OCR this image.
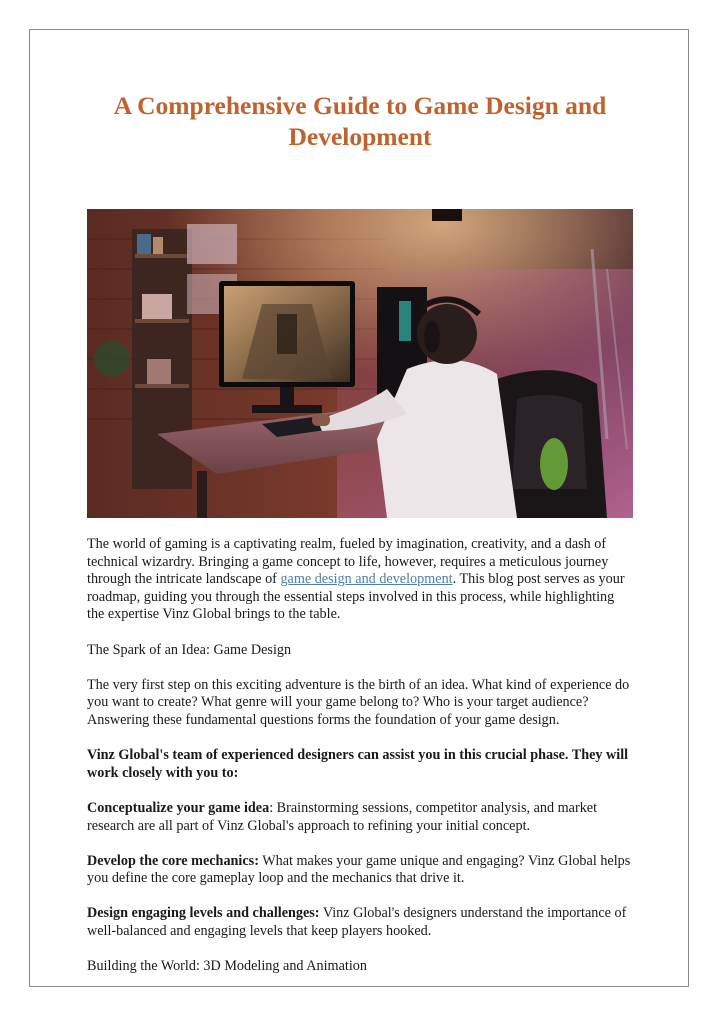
A Comprehensive Guide to Game Design and Development

The world of gaming is a captivating realm, fueled by imagination, creativity, and a dash of technical wizardry. Bringing a game concept to life, however, requires a meticulous journey through the intricate landscape of game design and development. This blog post serves as your roadmap, guiding you through the essential steps involved in this process, while highlighting the expertise Vinz Global brings to the table.

The Spark of an Idea: Game Design

The very first step on this exciting adventure is the birth of an idea. What kind of experience do you want to create? What genre will your game belong to? Who is your target audience? Answering these fundamental questions forms the foundation of your game design.

Vinz Global's team of experienced designers can assist you in this crucial phase. They will work closely with you to:

Conceptualize your game idea: Brainstorming sessions, competitor analysis, and market research are all part of Vinz Global's approach to refining your initial concept.

Develop the core mechanics: What makes your game unique and engaging? Vinz Global helps you define the core gameplay loop and the mechanics that drive it.

Design engaging levels and challenges: Vinz Global's designers understand the importance of well-balanced and engaging levels that keep players hooked.

Building the World: 3D Modeling and Animation
